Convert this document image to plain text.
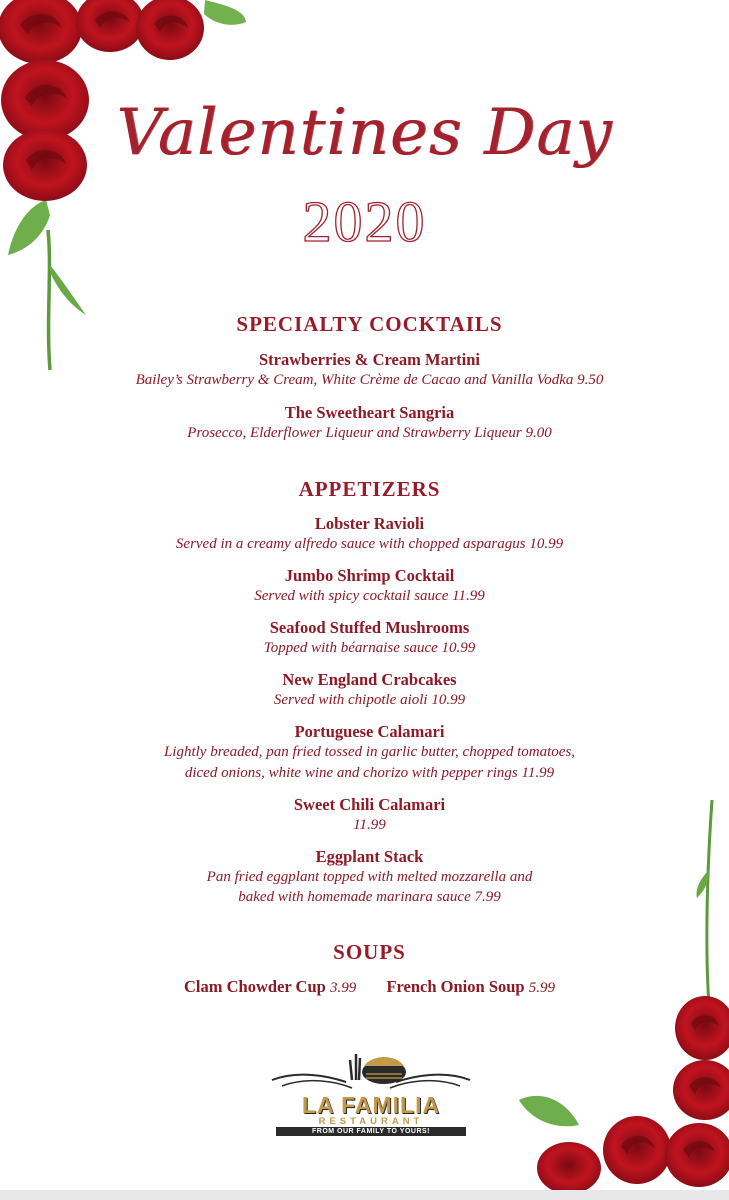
Valentines Day
2020
SPECIALTY COCKTAILS
Strawberries & Cream Martini
Bailey’s Strawberry & Cream, White Crème de Cacao and Vanilla Vodka 9.50
The Sweetheart Sangria
Prosecco, Elderflower Liqueur and Strawberry Liqueur 9.00
APPETIZERS
Lobster Ravioli
Served in a creamy alfredo sauce with chopped asparagus 10.99
Jumbo Shrimp Cocktail
Served with spicy cocktail sauce 11.99
Seafood Stuffed Mushrooms
Topped with béarnaise sauce 10.99
New England Crabcakes
Served with chipotle aioli 10.99
Portuguese Calamari
Lightly breaded, pan fried tossed in garlic butter, chopped tomatoes,
diced onions, white wine and chorizo with pepper rings 11.99
Sweet Chili Calamari
11.99
Eggplant Stack
Pan fried eggplant topped with melted mozzarella and
baked with homemade marinara sauce 7.99
SOUPS
Clam Chowder Cup 3.99 French Onion Soup 5.99
LA FAMILIA
RESTAURANT
FROM OUR FAMILY TO YOURS!
